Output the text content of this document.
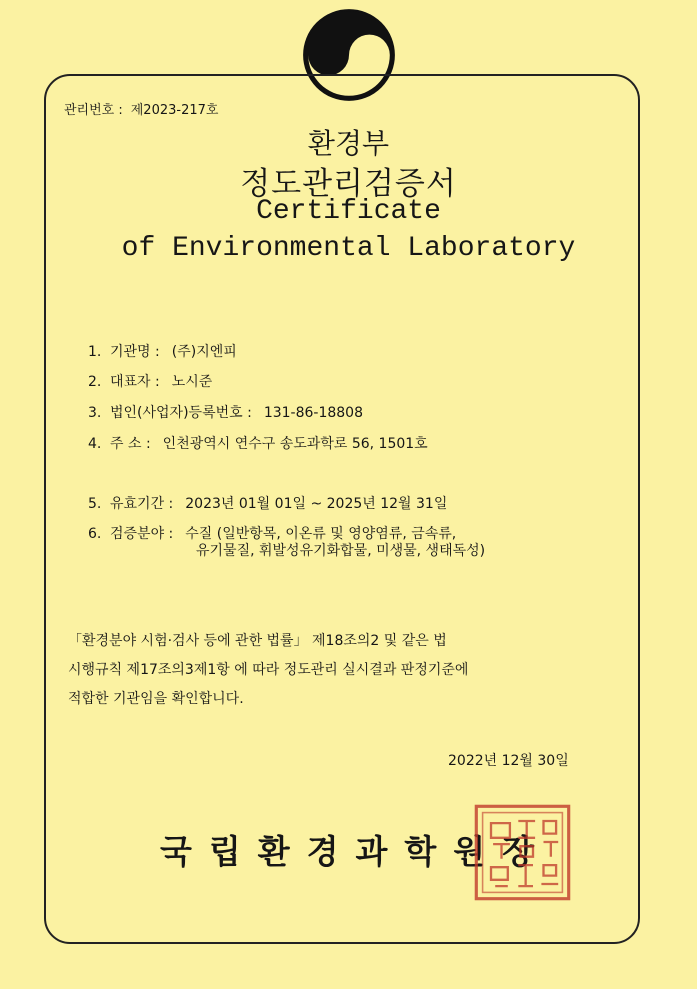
관리번호 : 제2023-217호
환경부
정도관리검증서
Certificate
of Environmental Laboratory
1. 기관명 : (주)지엔피
2. 대표자 : 노시준
3. 법인(사업자)등록번호 : 131-86-18808
4. 주 소 : 인천광역시 연수구 송도과학로 56, 1501호
5. 유효기간 : 2023년 01월 01일 ~ 2025년 12월 31일
6. 검증분야 : 수질 (일반항목, 이온류 및 영양염류, 금속류,
유기물질, 휘발성유기화합물, 미생물, 생태독성)
「환경분야 시험·검사 등에 관한 법률」 제18조의2 및 같은 법
시행규칙 제17조의3제1항 에 따라 정도관리 실시결과 판정기준에
적합한 기관임을 확인합니다.
2022년 12월 30일
국립환경과학원장
